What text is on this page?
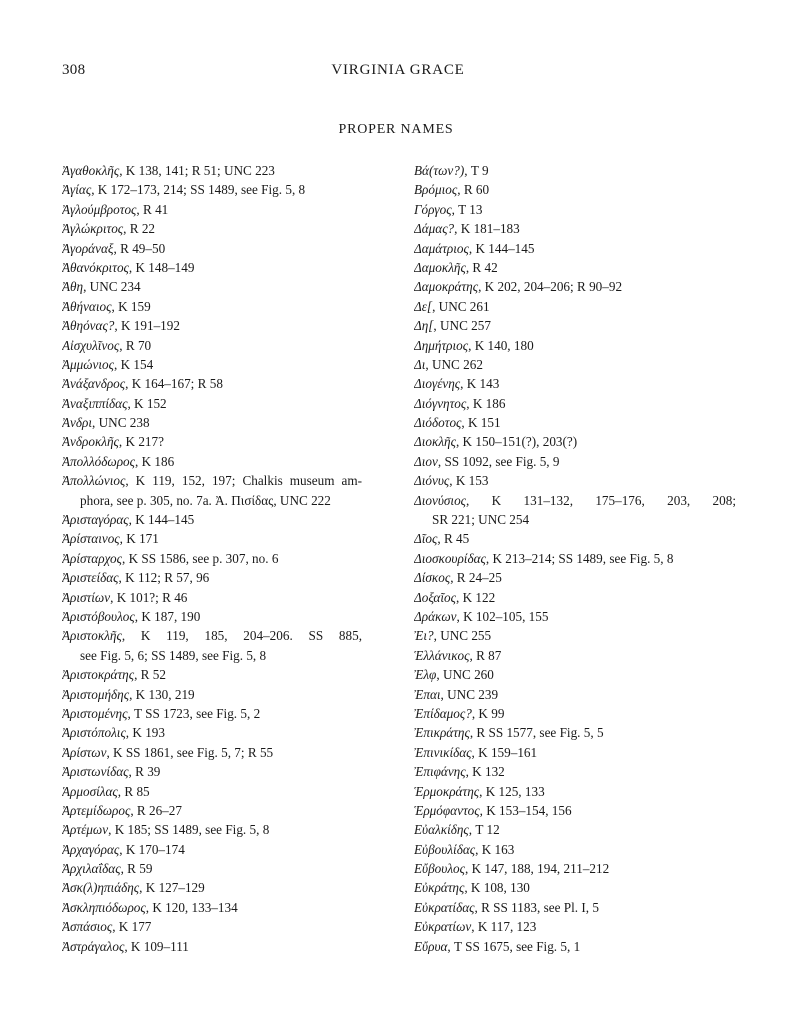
308	VIRGINIA GRACE
PROPER NAMES
Ἀγαθοκλῆς, K 138, 141; R 51; UNC 223
Ἀγίας, K 172–173, 214; SS 1489, see Fig. 5, 8
Ἀγλούμβροτος, R 41
Ἀγλώκριτος, R 22
Ἀγοράναξ, R 49–50
Ἀθανόκριτος, K 148–149
Ἀθη, UNC 234
Ἀθήναιος, K 159
Ἀθηόνας?, K 191–192
Αἰσχυλῖνος, R 70
Ἀμμώνιος, K 154
Ἀνάξανδρος, K 164–167; R 58
Ἀναξιππίδας, K 152
Ἀνδρι, UNC 238
Ἀνδροκλῆς, K 217?
Ἀπολλόδωρος, K 186
Ἀπολλώνιος, K 119, 152, 197; Chalkis museum am-
phora, see p. 305, no. 7a. Ἀ. Πισίδας, UNC 222
Ἀρισταγόρας, K 144–145
Ἀρίσταινος, K 171
Ἀρίσταρχος, K SS 1586, see p. 307, no. 6
Ἀριστείδας, K 112; R 57, 96
Ἀριστίων, K 101?; R 46
Ἀριστόβουλος, K 187, 190
Ἀριστοκλῆς, K 119, 185, 204–206. SS 885,
see Fig. 5, 6; SS 1489, see Fig. 5, 8
Ἀριστοκράτης, R 52
Ἀριστομήδης, K 130, 219
Ἀριστομένης, T SS 1723, see Fig. 5, 2
Ἀριστόπολις, K 193
Ἀρίστων, K SS 1861, see Fig. 5, 7; R 55
Ἀριστωνίδας, R 39
Ἁρμοσίλας, R 85
Ἀρτεμίδωρος, R 26–27
Ἀρτέμων, K 185; SS 1489, see Fig. 5, 8
Ἀρχαγόρας, K 170–174
Ἀρχιλαΐδας, R 59
Ἀσκ(λ)ηπιάδης, K 127–129
Ἀσκληπιόδωρος, K 120, 133–134
Ἀσπάσιος, K 177
Ἀστράγαλος, K 109–111
Βά(των?), T 9
Βρόμιος, R 60
Γόργος, T 13
Δάμας?, K 181–183
Δαμάτριος, K 144–145
Δαμοκλῆς, R 42
Δαμοκράτης, K 202, 204–206; R 90–92
Δε[, UNC 261
Δη[, UNC 257
Δημήτριος, K 140, 180
Δι, UNC 262
Διογένης, K 143
Διόγνητος, K 186
Διόδοτος, K 151
Διοκλῆς, K 150–151(?), 203(?)
Διον, SS 1092, see Fig. 5, 9
Διόνυς, K 153
Διονύσιος, K 131–132, 175–176, 203, 208;
SR 221; UNC 254
Δῖος, R 45
Διοσκουρίδας, K 213–214; SS 1489, see Fig. 5, 8
Δίσκος, R 24–25
Δοξαῖος, K 122
Δράκων, K 102–105, 155
Ἐι?, UNC 255
Ἑλλάνικος, R 87
Ἐλφ, UNC 260
Ἐπαι, UNC 239
Ἐπίδαμος?, K 99
Ἐπικράτης, R SS 1577, see Fig. 5, 5
Ἐπινικίδας, K 159–161
Ἐπιφάνης, K 132
Ἑρμοκράτης, K 125, 133
Ἑρμόφαντος, K 153–154, 156
Εὐαλκίδης, T 12
Εὐβουλίδας, K 163
Εὔβουλος, K 147, 188, 194, 211–212
Εὐκράτης, K 108, 130
Εὐκρατίδας, R SS 1183, see Pl. I, 5
Εὐκρατίων, K 117, 123
Εὔρυα, T SS 1675, see Fig. 5, 1
